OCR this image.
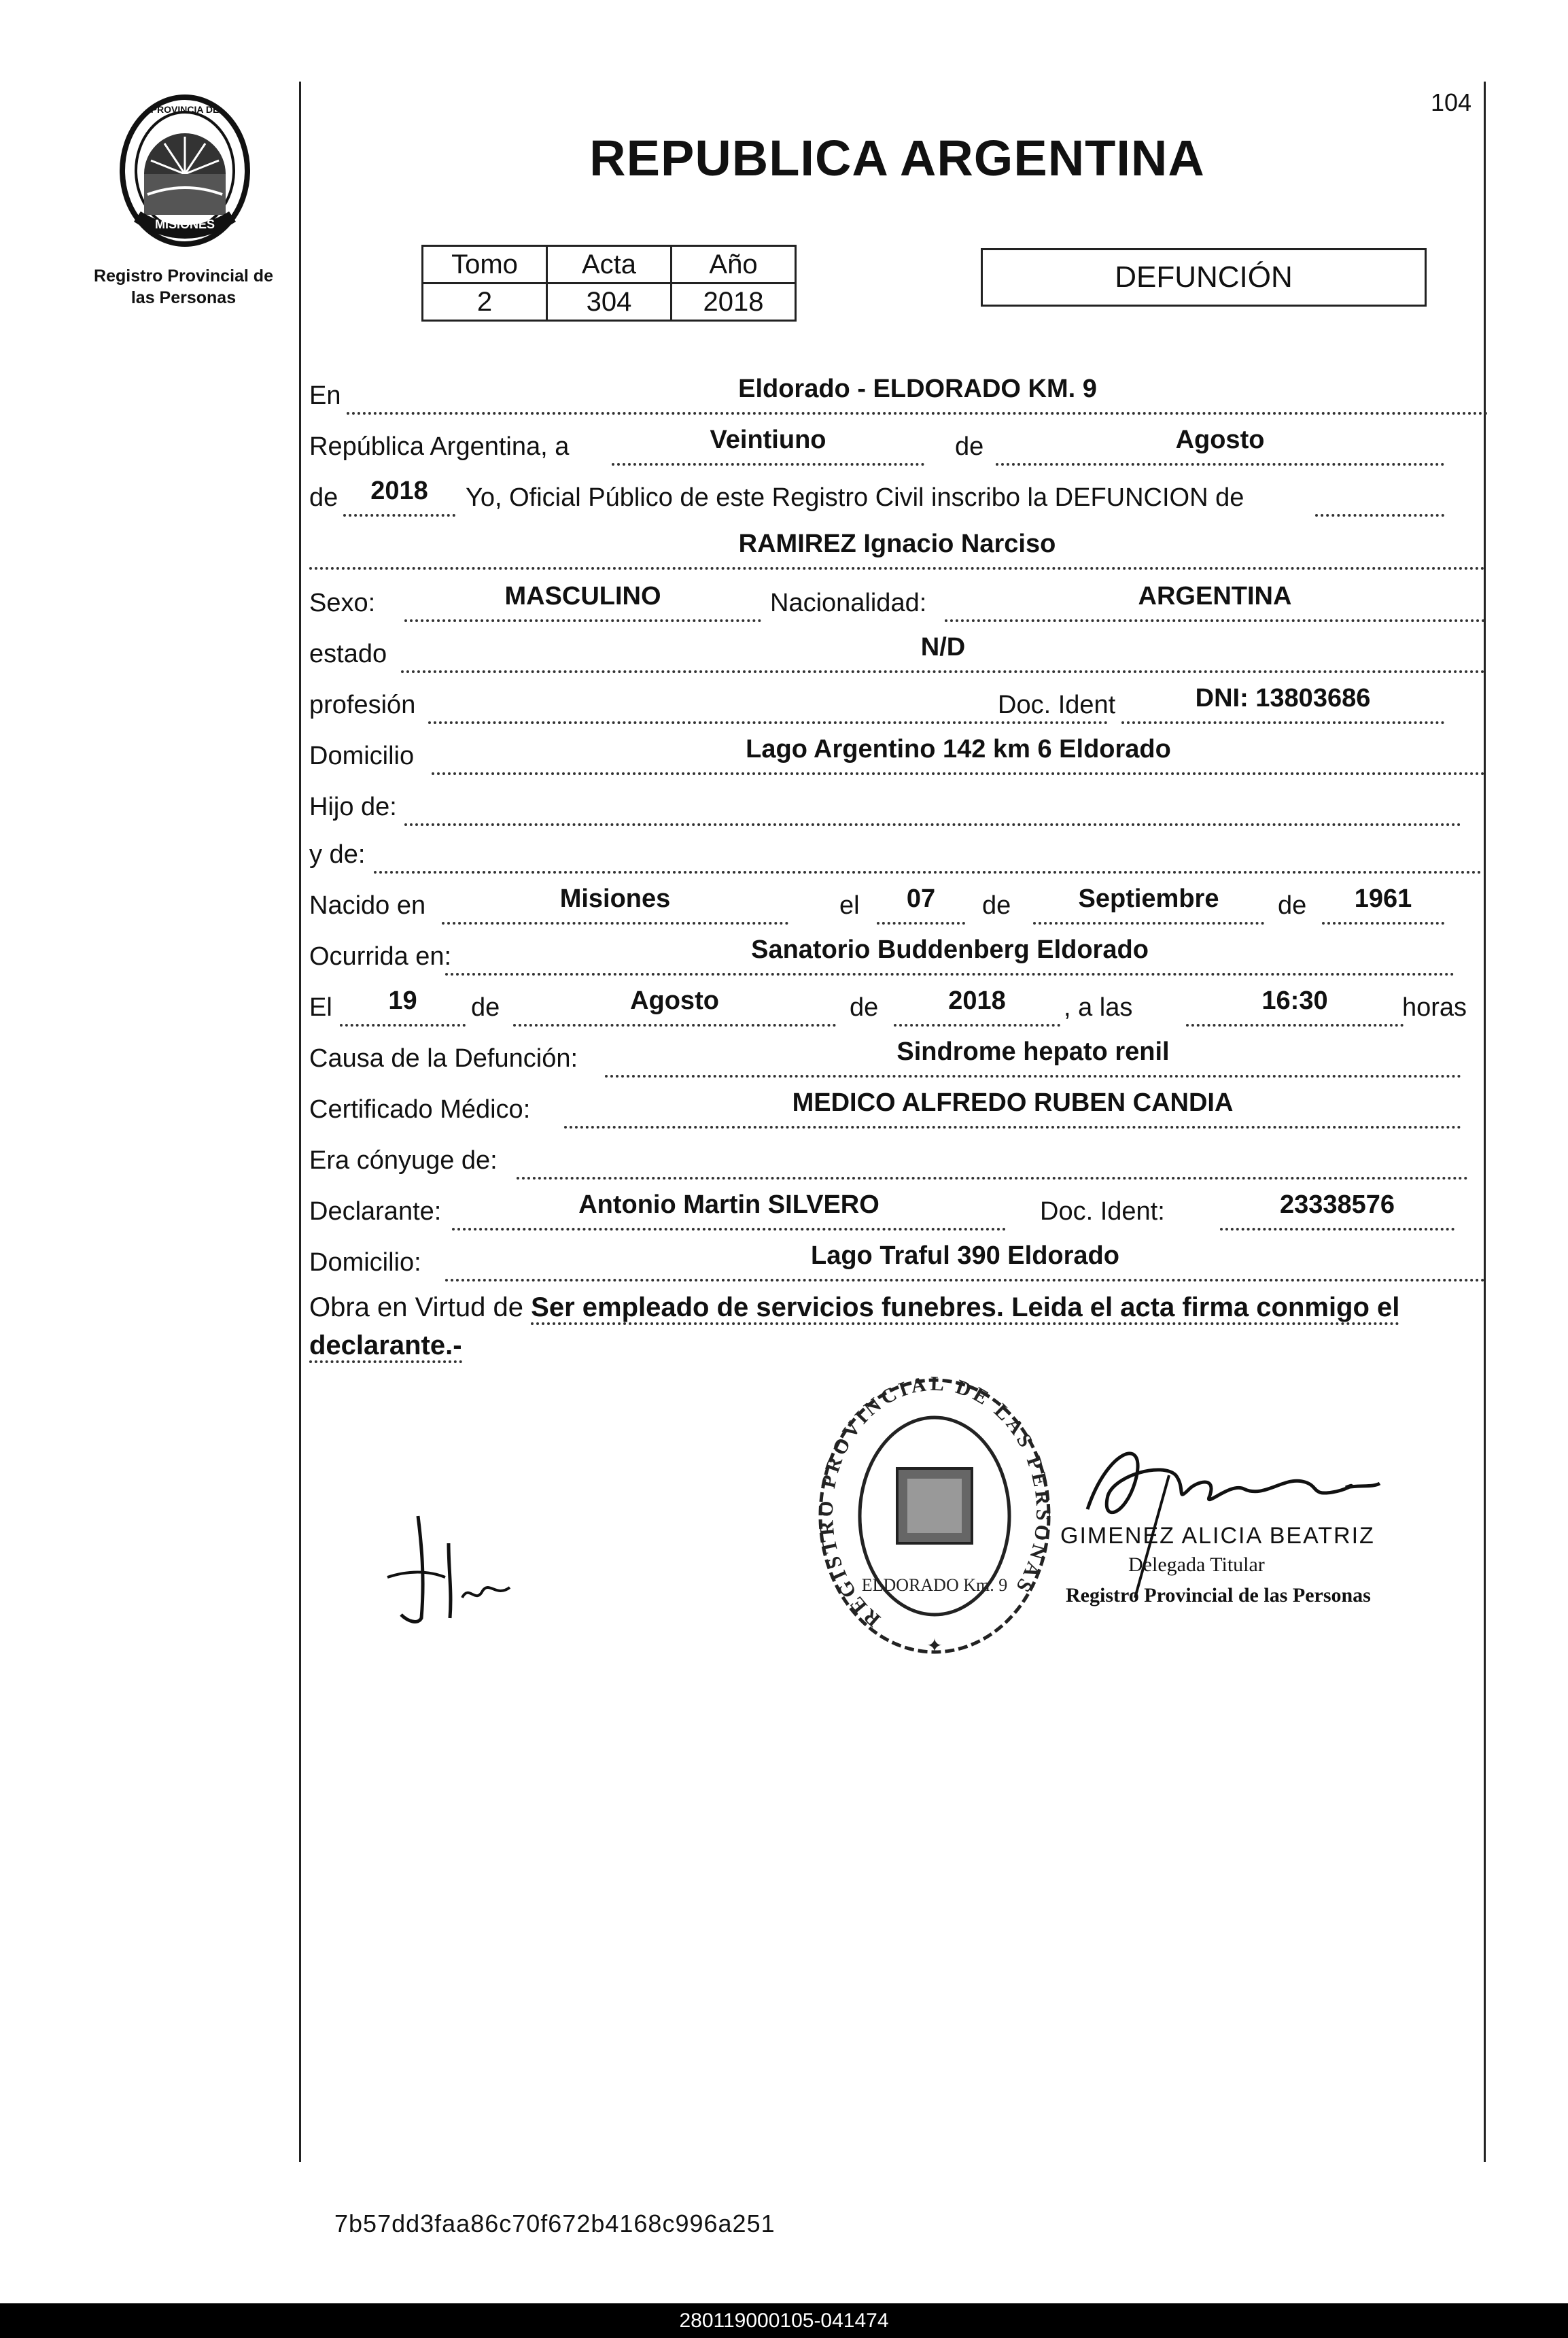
MISIONES
PROVINCIA DE
Registro Provincial de
las Personas
104
REPUBLICA ARGENTINA
Tomo	Acta	Año
2	304	2018
DEFUNCIÓN
En	Eldorado - ELDORADO KM. 9
República Argentina, a	Veintiuno	de	Agosto
de	2018	Yo, Oficial Público de este Registro Civil inscribo la DEFUNCION de
RAMIREZ Ignacio Narciso
Sexo:	MASCULINO	Nacionalidad:	ARGENTINA
estado	N/D
profesión	Doc. Ident	DNI: 13803686
Domicilio	Lago Argentino 142 km 6 Eldorado
Hijo de:
y de:
Nacido en	Misiones	el	07	de	Septiembre	de	1961
Ocurrida en:	Sanatorio Buddenberg Eldorado
El	19	de	Agosto	de	2018	, a las	16:30	horas
Causa de la Defunción:	Sindrome hepato renil
Certificado Médico:	MEDICO ALFREDO RUBEN CANDIA
Era cónyuge de:
Declarante:	Antonio Martin SILVERO	Doc. Ident:	23338576
Domicilio:	Lago Traful 390 Eldorado
Obra en Virtud de Ser empleado de servicios funebres. Leida el acta firma conmigo el declarante.-
REGISTRO PROVINCIAL DE LAS PERSONAS
ELDORADO Km. 9
✦
GIMENEZ ALICIA BEATRIZ
Delegada Titular
Registro Provincial de las Personas
7b57dd3faa86c70f672b4168c996a251
280119000105-041474
